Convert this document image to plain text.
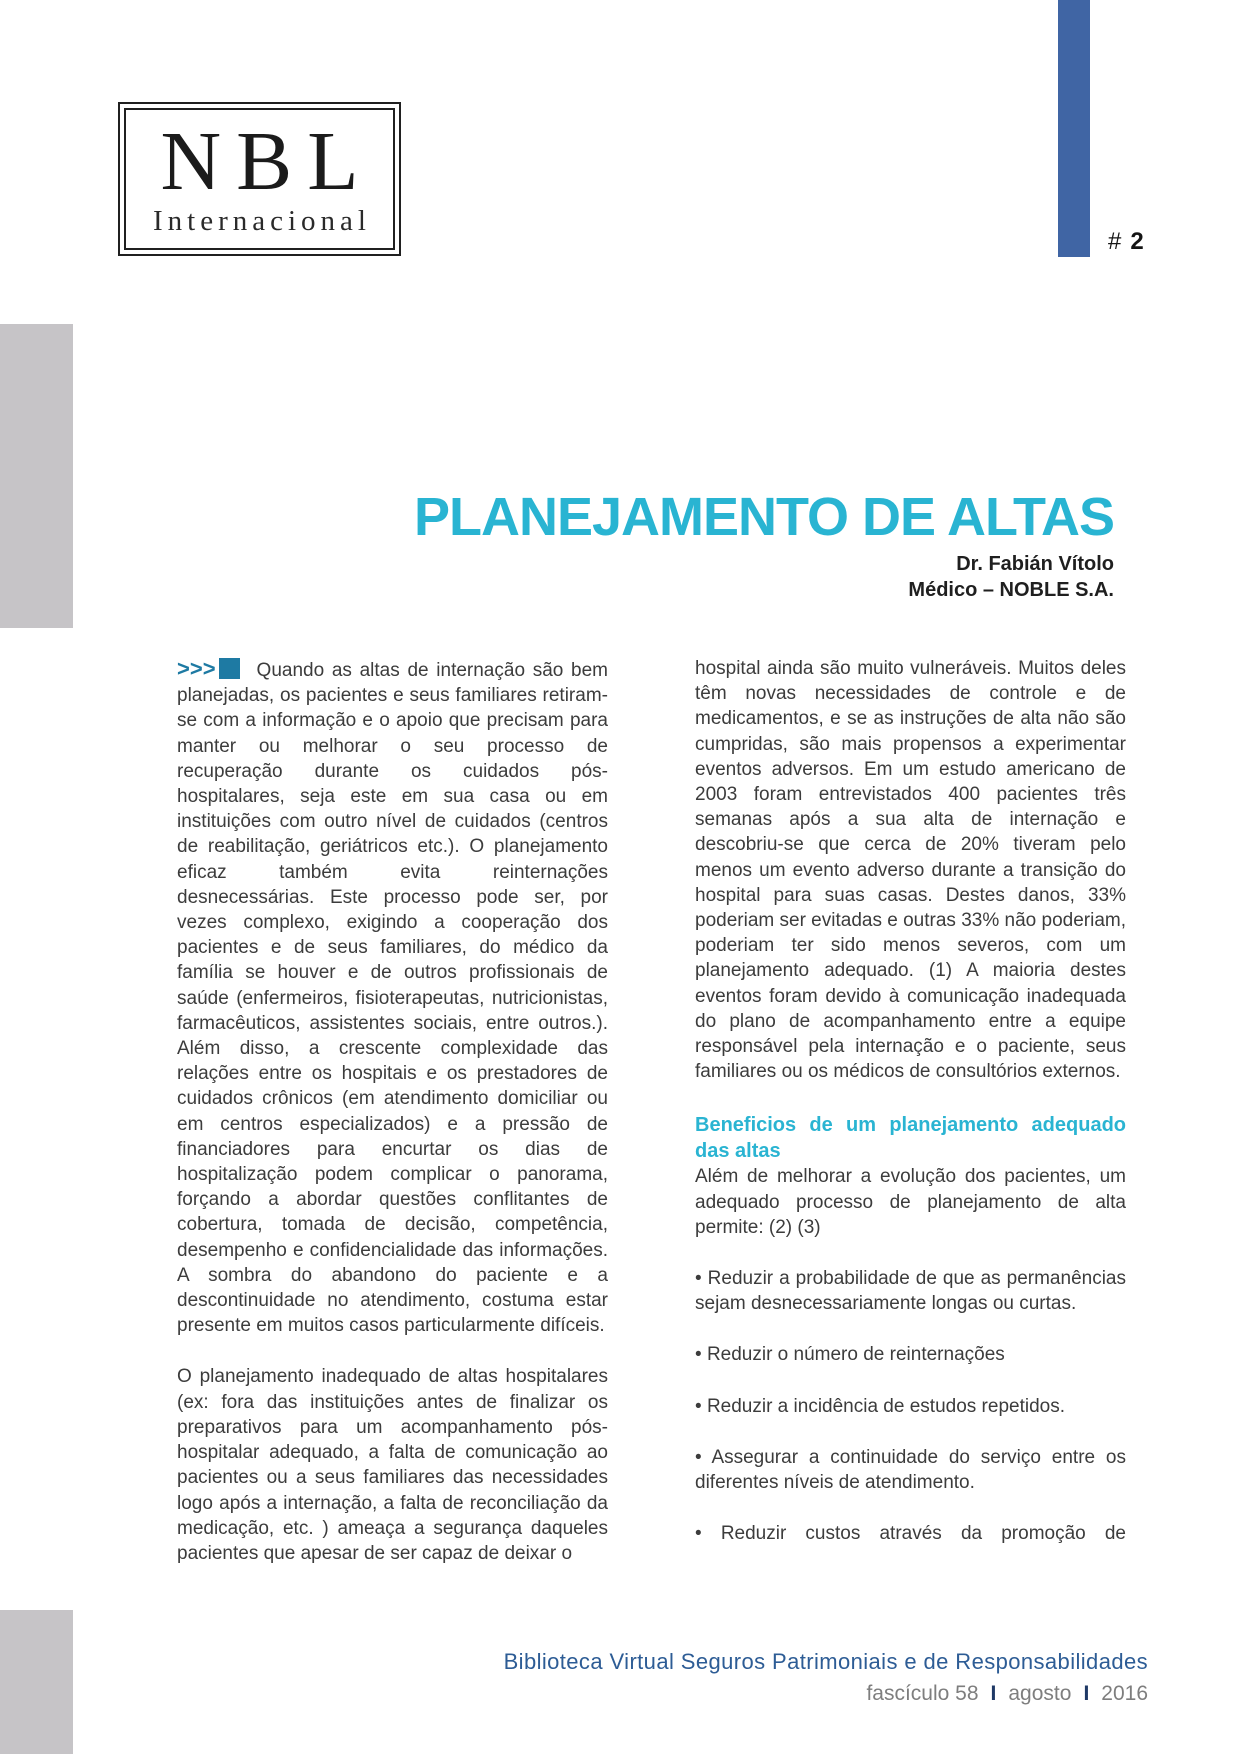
# 2
NBL
Internacional
PLANEJAMENTO DE ALTAS
Dr. Fabián Vítolo
Médico – NOBLE S.A.

>>> Quando as altas de internação são bem planejadas, os pacientes e seus familiares retiram-se com a informação e o apoio que precisam para manter ou melhorar o seu processo de recuperação durante os cuidados pós-hospitalares, seja este em sua casa ou em instituições com outro nível de cuidados (centros de reabilitação, geriátricos etc.). O planejamento eficaz também evita reinternações desnecessárias. Este processo pode ser, por vezes complexo, exigindo a cooperação dos pacientes e de seus familiares, do médico da família se houver e de outros profissionais de saúde (enfermeiros, fisioterapeutas, nutricionistas, farmacêuticos, assistentes sociais, entre outros.). Além disso, a crescente complexidade das relações entre os hospitais e os prestadores de cuidados crônicos (em atendimento domiciliar ou em centros especializados) e a pressão de financiadores para encurtar os dias de hospitalização podem complicar o panorama, forçando a abordar questões conflitantes de cobertura, tomada de decisão, competência, desempenho e confidencialidade das informações. A sombra do abandono do paciente e a descontinuidade no atendimento, costuma estar presente em muitos casos particularmente difíceis.

O planejamento inadequado de altas hospitalares (ex: fora das instituições antes de finalizar os preparativos para um acompanhamento pós-hospitalar adequado, a falta de comunicação ao pacientes ou a seus familiares das necessidades logo após a internação, a falta de reconciliação da medicação, etc. ) ameaça a segurança daqueles pacientes que apesar de ser capaz de deixar o

hospital ainda são muito vulneráveis. Muitos deles têm novas necessidades de controle e de medicamentos, e se as instruções de alta não são cumpridas, são mais propensos a experimentar eventos adversos. Em um estudo americano de 2003 foram entrevistados 400 pacientes três semanas após a sua alta de internação e descobriu-se que cerca de 20% tiveram pelo menos um evento adverso durante a transição do hospital para suas casas. Destes danos, 33% poderiam ser evitadas e outras 33% não poderiam, poderiam ter sido menos severos, com um planejamento adequado. (1) A maioria destes eventos foram devido à comunicação inadequada do plano de acompanhamento entre a equipe responsável pela internação e o paciente, seus familiares ou os médicos de consultórios externos.

Beneficios de um planejamento adequado das altas

Além de melhorar a evolução dos pacientes, um adequado processo de planejamento de alta permite: (2) (3)

• Reduzir a probabilidade de que as permanências sejam desnecessariamente longas ou curtas.

• Reduzir o número de reinternações

• Reduzir a incidência de estudos repetidos.

• Assegurar a continuidade do serviço entre os diferentes níveis de atendimento.

• Reduzir custos através da promoção de

Biblioteca Virtual Seguros Patrimoniais e de Responsabilidades
fascículo 58 I agosto I 2016
